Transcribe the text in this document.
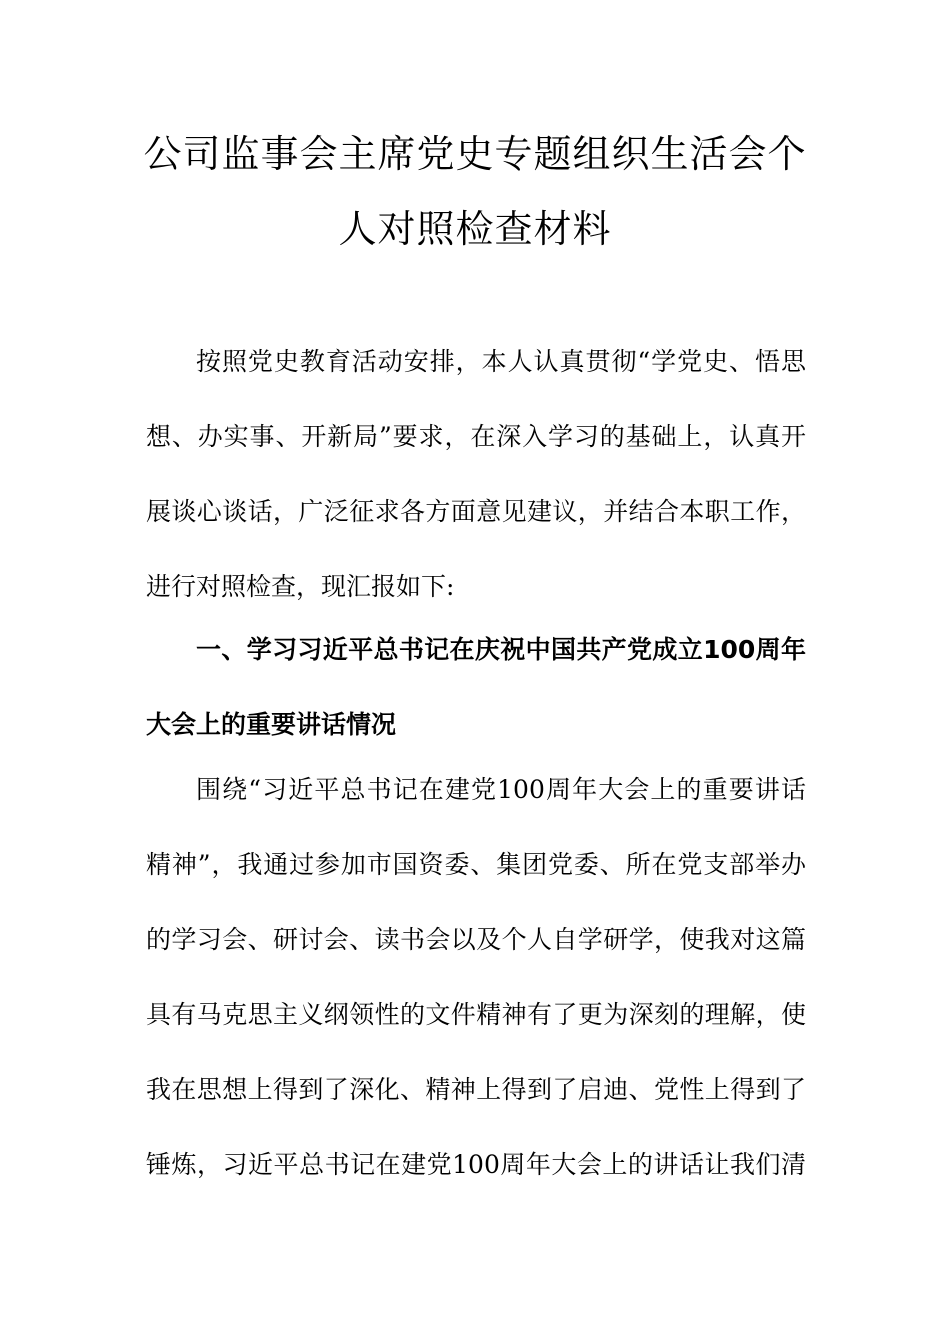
公司监事会主席党史专题组织生活会个
人对照检查材料
按照党史教育活动安排，本人认真贯彻“学党史、悟思
想、办实事、开新局”要求，在深入学习的基础上，认真开
展谈心谈话，广泛征求各方面意见建议，并结合本职工作，
进行对照检查，现汇报如下:
一、学习习近平总书记在庆祝中国共产党成立100周年
大会上的重要讲话情况
围绕“习近平总书记在建党100周年大会上的重要讲话
精神”，我通过参加市国资委、集团党委、所在党支部举办
的学习会、研讨会、读书会以及个人自学研学，使我对这篇
具有马克思主义纲领性的文件精神有了更为深刻的理解，使
我在思想上得到了深化、精神上得到了启迪、党性上得到了
锤炼，习近平总书记在建党100周年大会上的讲话让我们清
